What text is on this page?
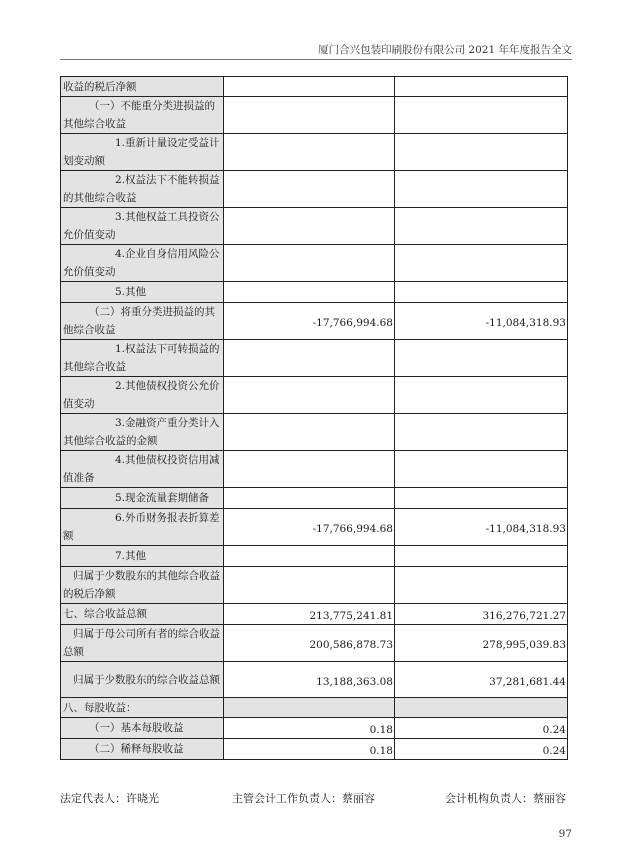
厦门合兴包装印刷股份有限公司 2021 年年度报告全文
收益的税后净额		

（一）不能重分类进损益的其他综合收益		

1.重新计量设定受益计划变动额		

2.权益法下不能转损益的其他综合收益		

3.其他权益工具投资公允价值变动		

4.企业自身信用风险公允价值变动		

5.其他		

（二）将重分类进损益的其他综合收益	-17,766,994.68	-11,084,318.93

1.权益法下可转损益的其他综合收益		

2.其他债权投资公允价值变动		

3.金融资产重分类计入其他综合收益的金额		

4.其他债权投资信用减值准备		

5.现金流量套期储备		

6.外币财务报表折算差额	-17,766,994.68	-11,084,318.93

7.其他		

归属于少数股东的其他综合收益的税后净额		

七、综合收益总额	213,775,241.81	316,276,721.27

归属于母公司所有者的综合收益总额	200,586,878.73	278,995,039.83

归属于少数股东的综合收益总额	13,188,363.08	37,281,681.44
八、每股收益：		

（一）基本每股收益	0.18	0.24

（二）稀释每股收益	0.18	0.24
法定代表人：许晓光	主管会计工作负责人：蔡丽容	会计机构负责人：蔡丽容
97
